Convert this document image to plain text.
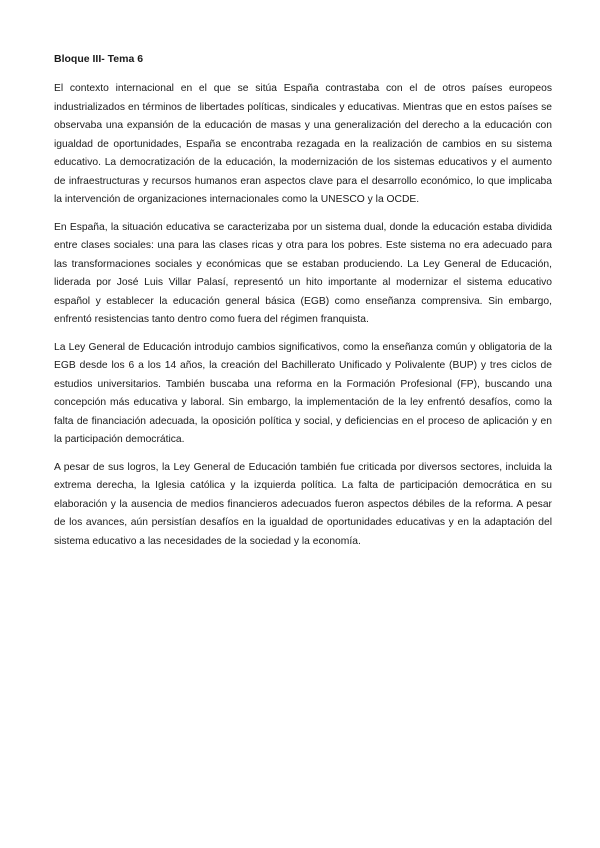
Bloque III- Tema 6

El contexto internacional en el que se sitúa España contrastaba con el de otros países europeos industrializados en términos de libertades políticas, sindicales y educativas. Mientras que en estos países se observaba una expansión de la educación de masas y una generalización del derecho a la educación con igualdad de oportunidades, España se encontraba rezagada en la realización de cambios en su sistema educativo. La democratización de la educación, la modernización de los sistemas educativos y el aumento de infraestructuras y recursos humanos eran aspectos clave para el desarrollo económico, lo que implicaba la intervención de organizaciones internacionales como la UNESCO y la OCDE.

En España, la situación educativa se caracterizaba por un sistema dual, donde la educación estaba dividida entre clases sociales: una para las clases ricas y otra para los pobres. Este sistema no era adecuado para las transformaciones sociales y económicas que se estaban produciendo. La Ley General de Educación, liderada por José Luis Villar Palasí, representó un hito importante al modernizar el sistema educativo español y establecer la educación general básica (EGB) como enseñanza comprensiva. Sin embargo, enfrentó resistencias tanto dentro como fuera del régimen franquista.

La Ley General de Educación introdujo cambios significativos, como la enseñanza común y obligatoria de la EGB desde los 6 a los 14 años, la creación del Bachillerato Unificado y Polivalente (BUP) y tres ciclos de estudios universitarios. También buscaba una reforma en la Formación Profesional (FP), buscando una concepción más educativa y laboral. Sin embargo, la implementación de la ley enfrentó desafíos, como la falta de financiación adecuada, la oposición política y social, y deficiencias en el proceso de aplicación y en la participación democrática.

A pesar de sus logros, la Ley General de Educación también fue criticada por diversos sectores, incluida la extrema derecha, la Iglesia católica y la izquierda política. La falta de participación democrática en su elaboración y la ausencia de medios financieros adecuados fueron aspectos débiles de la reforma. A pesar de los avances, aún persistían desafíos en la igualdad de oportunidades educativas y en la adaptación del sistema educativo a las necesidades de la sociedad y la economía.
